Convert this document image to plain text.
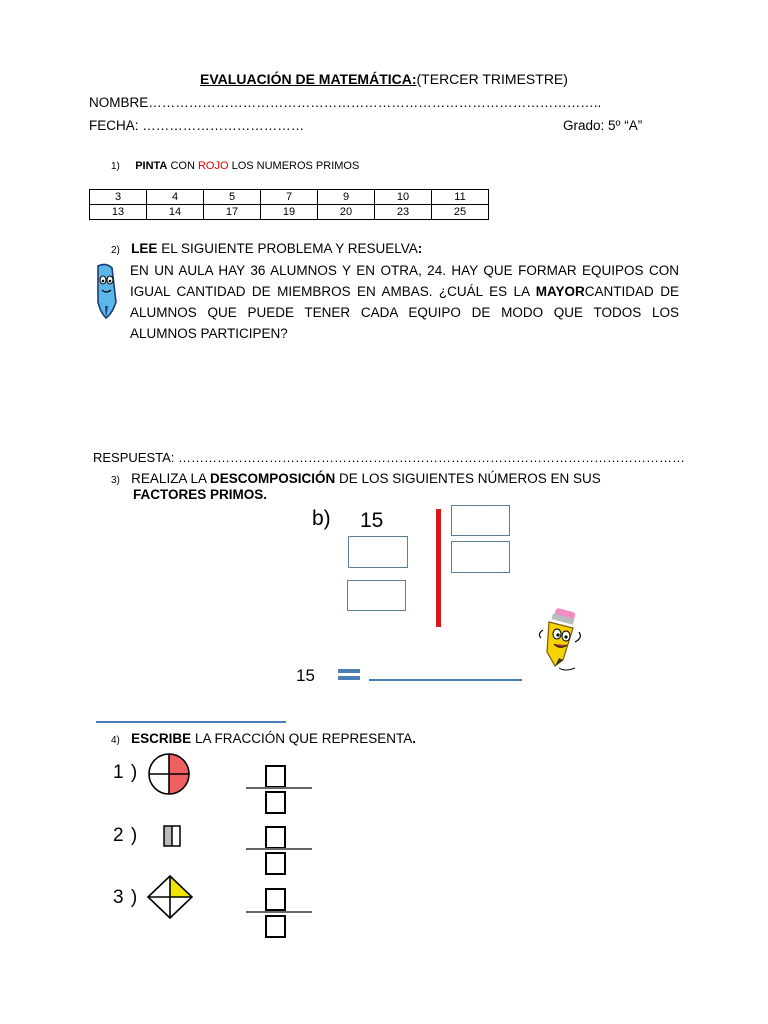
EVALUACIÓN DE MATEMÁTICA:(TERCER TRIMESTRE)
NOMBRE………………………………………………………………………………………..
FECHA: ………………………………	Grado: 5º “A”
1) PINTA CON ROJO LOS NUMEROS PRIMOS
3	4	5	7	9	10	11
13	14	17	19	20	23	25
2) LEE EL SIGUIENTE PROBLEMA Y RESUELVA:
EN UN AULA HAY 36 ALUMNOS Y EN OTRA, 24. HAY QUE FORMAR EQUIPOS CON IGUAL CANTIDAD DE MIEMBROS EN AMBAS. ¿CUÁL ES LA MAYORCANTIDAD DE ALUMNOS QUE PUEDE TENER CADA EQUIPO DE MODO QUE TODOS LOS ALUMNOS PARTICIPEN?
RESPUESTA: ………………………………………………………………………………………………………
3) REALIZA LA DESCOMPOSICIÓN DE LOS SIGUIENTES NÚMEROS EN SUS
FACTORES PRIMOS.
b) 15
15
4) ESCRIBE LA FRACCIÓN QUE REPRESENTA.
1 )
2 )
3 )
